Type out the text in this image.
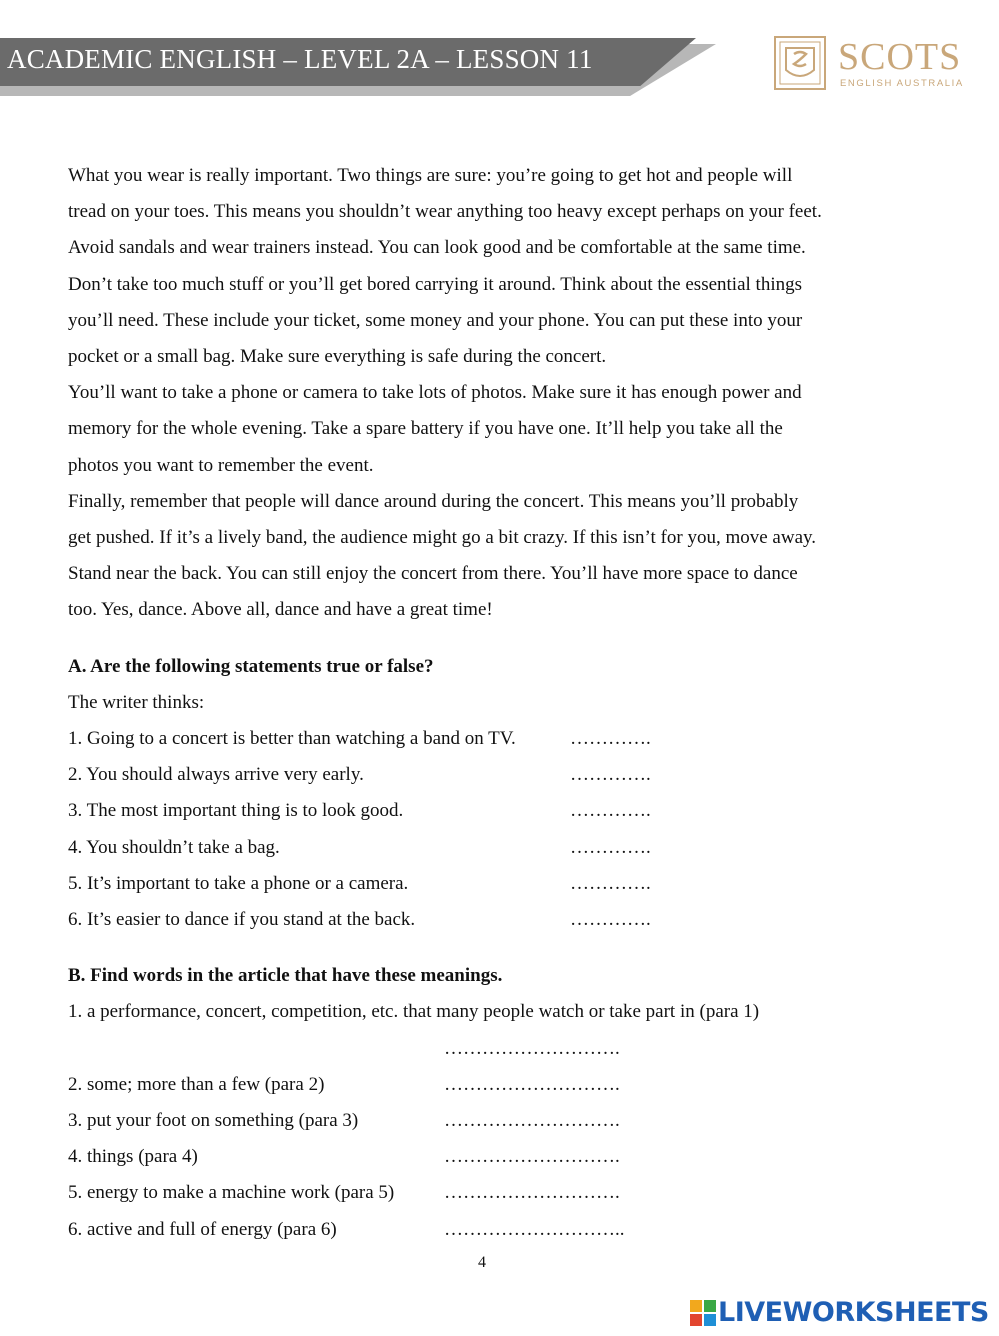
ACADEMIC ENGLISH – LEVEL 2A – LESSON 11	SCOTS
ENGLISH AUSTRALIA
What you wear is really important. Two things are sure: you’re going to get hot and people will
tread on your toes. This means you shouldn’t wear anything too heavy except perhaps on your feet.
Avoid sandals and wear trainers instead. You can look good and be comfortable at the same time.
Don’t take too much stuff or you’ll get bored carrying it around. Think about the essential things
you’ll need. These include your ticket, some money and your phone. You can put these into your
pocket or a small bag. Make sure everything is safe during the concert.
You’ll want to take a phone or camera to take lots of photos. Make sure it has enough power and
memory for the whole evening. Take a spare battery if you have one. It’ll help you take all the
photos you want to remember the event.
Finally, remember that people will dance around during the concert. This means you’ll probably
get pushed. If it’s a lively band, the audience might go a bit crazy. If this isn’t for you, move away.
Stand near the back. You can still enjoy the concert from there. You’ll have more space to dance
too. Yes, dance. Above all, dance and have a great time!
A. Are the following statements true or false?
The writer thinks:
1. Going to a concert is better than watching a band on TV.	………….
2. You should always arrive very early.	………….
3. The most important thing is to look good.	………….
4. You shouldn’t take a bag.	………….
5. It’s important to take a phone or a camera.	………….
6. It’s easier to dance if you stand at the back.	………….
B. Find words in the article that have these meanings.
1. a performance, concert, competition, etc. that many people watch or take part in (para 1)
……………………….
2. some; more than a few (para 2)	……………………….
3. put your foot on something (para 3)	……………………….
4. things (para 4)	……………………….
5. energy to make a machine work (para 5)	……………………….
6. active and full of energy (para 6)	………………………..
4
LIVEWORKSHEETS
